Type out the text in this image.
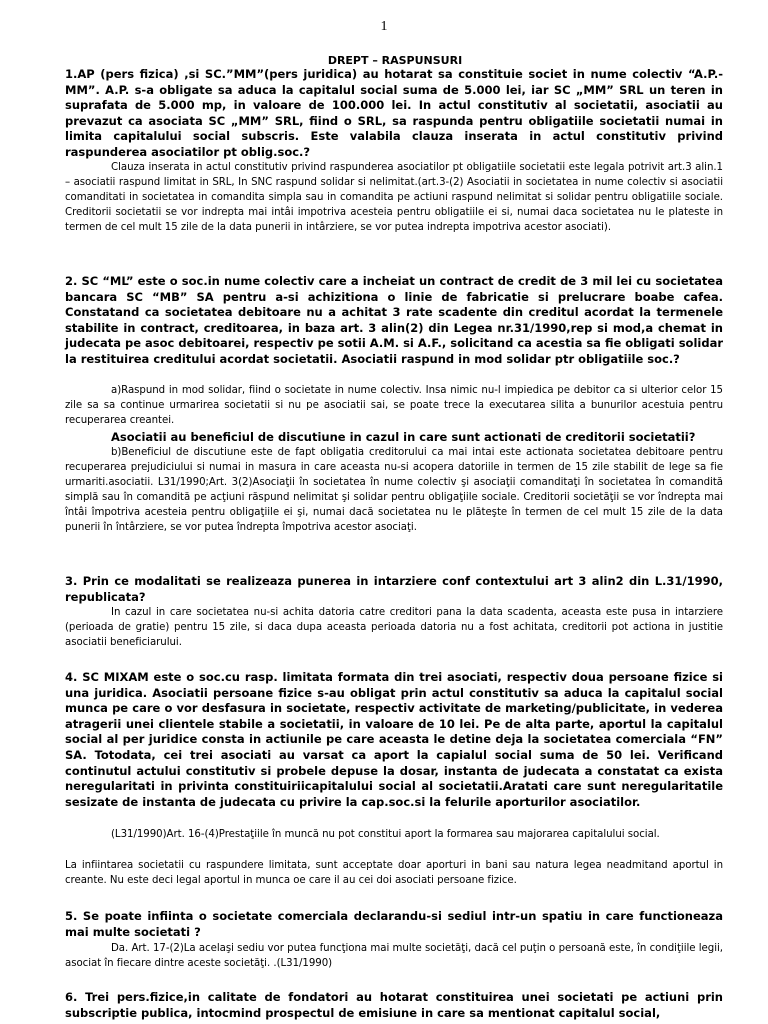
1
DREPT – RASPUNSURI

1.AP (pers fizica) ,si SC.”MM”(pers juridica) au hotarat sa constituie societ in nume colectiv “A.P.-MM”. A.P. s-a obligate sa aduca la capitalul social suma de 5.000 lei, iar SC „MM” SRL un teren in suprafata de 5.000 mp, in valoare de 100.000 lei. In actul constitutiv al societatii, asociatii au prevazut ca asociata SC „MM” SRL, fiind o SRL, sa raspunda pentru obligatiile societatii numai in limita capitalului social subscris. Este valabila clauza inserata in actul constitutiv privind raspunderea asociatilor pt oblig.soc.?

Clauza inserata in actul constitutiv privind raspunderea asociatilor pt obligatiile societatii este legala potrivit art.3 alin.1 – asociatii raspund limitat in SRL, In SNC raspund solidar si nelimitat.(art.3-(2) Asociatii in societatea in nume colectiv si asociatii comanditati in societatea in comandita simpla sau in comandita pe actiuni raspund nelimitat si solidar pentru obligatiile sociale. Creditorii societatii se vor indrepta mai intâi impotriva acesteia pentru obligatiile ei si, numai daca societatea nu le plateste in termen de cel mult 15 zile de la data punerii in intârziere, se vor putea indrepta impotriva acestor asociati).

2. SC “ML” este o soc.in nume colectiv care a incheiat un contract de credit de 3 mil lei cu societatea bancara SC “MB” SA pentru a-si achizitiona o linie de fabricatie si prelucrare boabe cafea. Constatand ca societatea debitoare nu a achitat 3 rate scadente din creditul acordat la termenele stabilite in contract, creditoarea, in baza art. 3 alin(2) din Legea nr.31/1990,rep si mod,a chemat in judecata pe asoc debitoarei, respectiv pe sotii A.M. si A.F., solicitand ca acestia sa fie obligati solidar la restituirea creditului acordat societatii. Asociatii raspund in mod solidar ptr obligatiile soc.?

a)Raspund in mod solidar, fiind o societate in nume colectiv. Insa nimic nu-l impiedica pe debitor ca si ulterior celor 15 zile sa sa continue urmarirea societatii si nu pe asociatii sai, se poate trece la executarea silita a bunurilor acestuia pentru recuperarea creantei.

Asociatii au beneficiul de discutiune in cazul in care sunt actionati de creditorii societatii?

b)Beneficiul de discutiune este de fapt obligatia creditorului ca mai intai este actionata societatea debitoare pentru recuperarea prejudiciului si numai in masura in care aceasta nu-si acopera datoriile in termen de 15 zile stabilit de lege sa fie urmariti.asociatii. L31/1990;Art. 3(2)Asociaţii în societatea în nume colectiv şi asociaţii comanditaţi în societatea în comandită simplă sau în comandită pe acţiuni răspund nelimitat şi solidar pentru obligaţiile sociale. Creditorii societăţii se vor îndrepta mai întâi împotriva acesteia pentru obligaţiile ei şi, numai dacă societatea nu le plăteşte în termen de cel mult 15 zile de la data punerii în întârziere, se vor putea îndrepta împotriva acestor asociaţi.

3. Prin ce modalitati se realizeaza punerea in intarziere conf contextului art 3 alin2 din L.31/1990, republicata?

In cazul in care societatea nu-si achita datoria catre creditori pana la data scadenta, aceasta este pusa in intarziere (perioada de gratie) pentru 15 zile, si daca dupa aceasta perioada datoria nu a fost achitata, creditorii pot actiona in justitie asociatii beneficiarului.

4. SC MIXAM este o soc.cu rasp. limitata formata din trei asociati, respectiv doua persoane fizice si una juridica. Asociatii persoane fizice s-au obligat prin actul constitutiv sa aduca la capitalul social munca pe care o vor desfasura in societate, respectiv activitate de marketing/publicitate, in vederea atragerii unei clientele stabile a societatii, in valoare de 10 lei. Pe de alta parte, aportul la capitalul social al per juridice consta in actiunile pe care aceasta le detine deja la societatea comerciala “FN” SA. Totodata, cei trei asociati au varsat ca aport la capialul social suma de 50 lei. Verificand continutul actului constitutiv si probele depuse la dosar, instanta de judecata a constatat ca exista neregularitati in privinta constituiriicapitalului social al societatii.Aratati care sunt neregularitatile sesizate de instanta de judecata cu privire la cap.soc.si la felurile aporturilor asociatilor.

(L31/1990)Art. 16-(4)Prestaţiile în muncă nu pot constitui aport la formarea sau majorarea capitalului social.

La infiintarea societatii cu raspundere limitata, sunt acceptate doar aporturi in bani sau natura legea neadmitand aportul in creante. Nu este deci legal aportul in munca oe care il au cei doi asociati persoane fizice.

5. Se poate infiinta o societate comerciala declarandu-si sediul intr-un spatiu in care functioneaza mai multe societati ?

Da. Art. 17-(2)La acelaşi sediu vor putea funcţiona mai multe societăţi, dacă cel puţin o persoană este, în condiţiile legii, asociat în fiecare dintre aceste societăţi. .(L31/1990)

6. Trei pers.fizice,in calitate de fondatori au hotarat constituirea unei societati pe actiuni prin subscriptie publica, intocmind prospectul de emisiune in care sa mentionat capitalul social,
